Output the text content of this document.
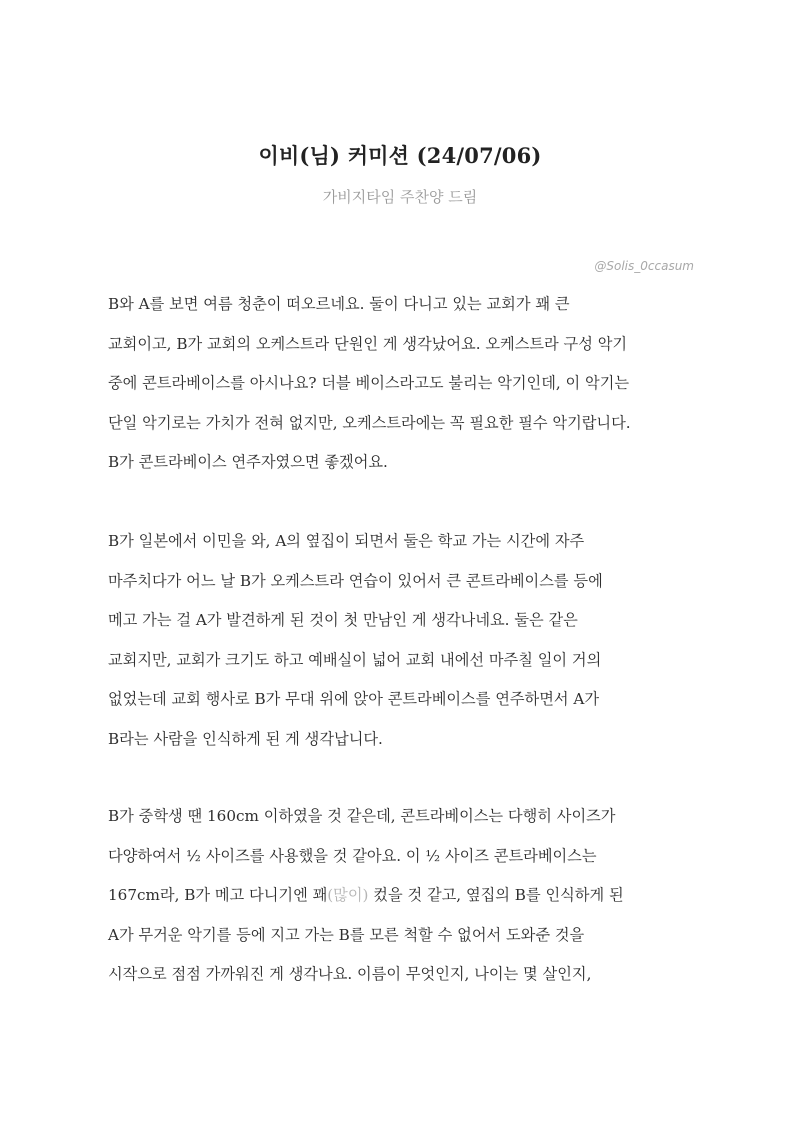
이비(님) 커미션 (24/07/06)
가비지타임 주찬양 드림
@Solis_0ccasum
B와 A를 보면 여름 청춘이 떠오르네요. 둘이 다니고 있는 교회가 꽤 큰
교회이고, B가 교회의 오케스트라 단원인 게 생각났어요. 오케스트라 구성 악기
중에 콘트라베이스를 아시나요? 더블 베이스라고도 불리는 악기인데, 이 악기는
단일 악기로는 가치가 전혀 없지만, 오케스트라에는 꼭 필요한 필수 악기랍니다.
B가 콘트라베이스 연주자였으면 좋겠어요.
B가 일본에서 이민을 와, A의 옆집이 되면서 둘은 학교 가는 시간에 자주
마주치다가 어느 날 B가 오케스트라 연습이 있어서 큰 콘트라베이스를 등에
메고 가는 걸 A가 발견하게 된 것이 첫 만남인 게 생각나네요. 둘은 같은
교회지만, 교회가 크기도 하고 예배실이 넓어 교회 내에선 마주칠 일이 거의
없었는데 교회 행사로 B가 무대 위에 앉아 콘트라베이스를 연주하면서 A가
B라는 사람을 인식하게 된 게 생각납니다.
B가 중학생 땐 160cm 이하였을 것 같은데, 콘트라베이스는 다행히 사이즈가
다양하여서 ½ 사이즈를 사용했을 것 같아요. 이 ½ 사이즈 콘트라베이스는
167cm라, B가 메고 다니기엔 꽤(많이) 컸을 것 같고, 옆집의 B를 인식하게 된
A가 무거운 악기를 등에 지고 가는 B를 모른 척할 수 없어서 도와준 것을
시작으로 점점 가까워진 게 생각나요. 이름이 무엇인지, 나이는 몇 살인지,
